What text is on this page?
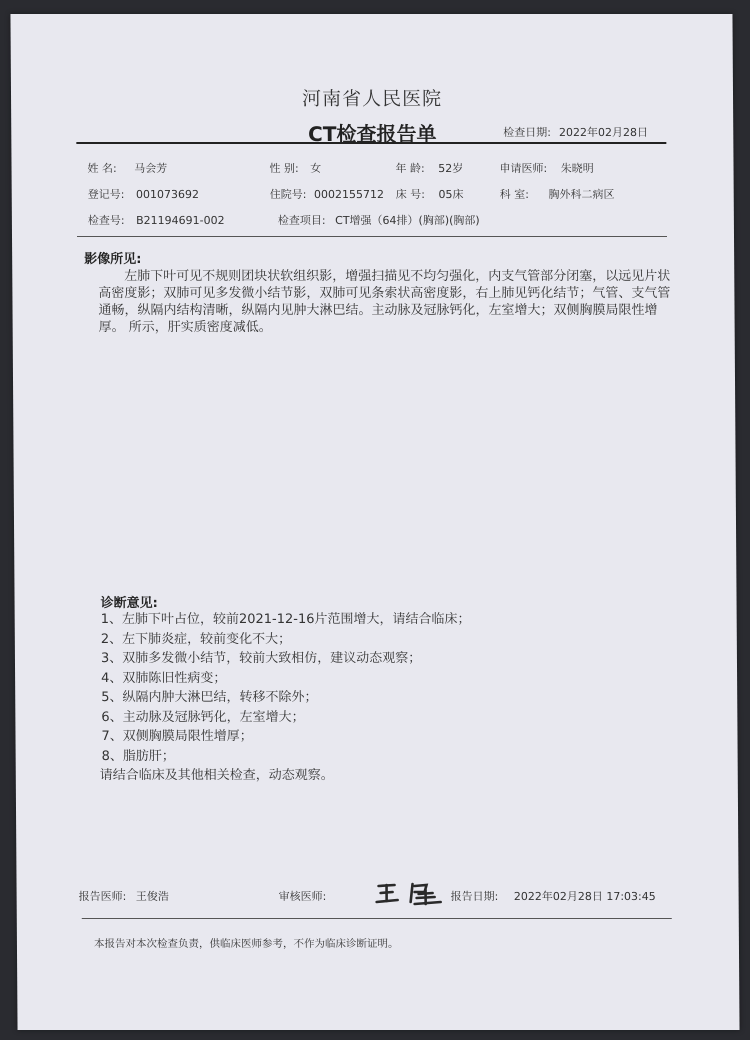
河南省人民医院
CT检查报告单	检查日期: 2022年02月28日
姓 名: 马会芳	性 别: 女	年 龄: 52岁	申请医师: 朱晓明
登记号: 001073692	住院号: 0002155712 床 号: 05床	科 室: 胸外科二病区
检查号: B21194691-002	检查项目: CT增强（64排）(胸部)(胸部)
影像所见:

左肺下叶可见不规则团块状软组织影，增强扫描见不均匀强化，内支气管部分闭塞，以远见片状高密度影；双肺可见多发微小结节影，双肺可见条索状高密度影，右上肺见钙化结节；气管、支气管通畅，纵隔内结构清晰，纵隔内见肿大淋巴结。主动脉及冠脉钙化，左室增大；双侧胸膜局限性增厚。 所示，肝实质密度减低。

诊断意见:
1、左肺下叶占位，较前2021-12-16片范围增大，请结合临床；
2、左下肺炎症，较前变化不大；
3、双肺多发微小结节，较前大致相仿，建议动态观察；
4、双肺陈旧性病变；
5、纵隔内肿大淋巴结，转移不除外；
6、主动脉及冠脉钙化，左室增大；
7、双侧胸膜局限性增厚；
8、脂肪肝；
请结合临床及其他相关检查，动态观察。
报告医师: 王俊浩	审核医师:	报告日期: 2022年02月28日 17:03:45
本报告对本次检查负责，供临床医师参考，不作为临床诊断证明。
